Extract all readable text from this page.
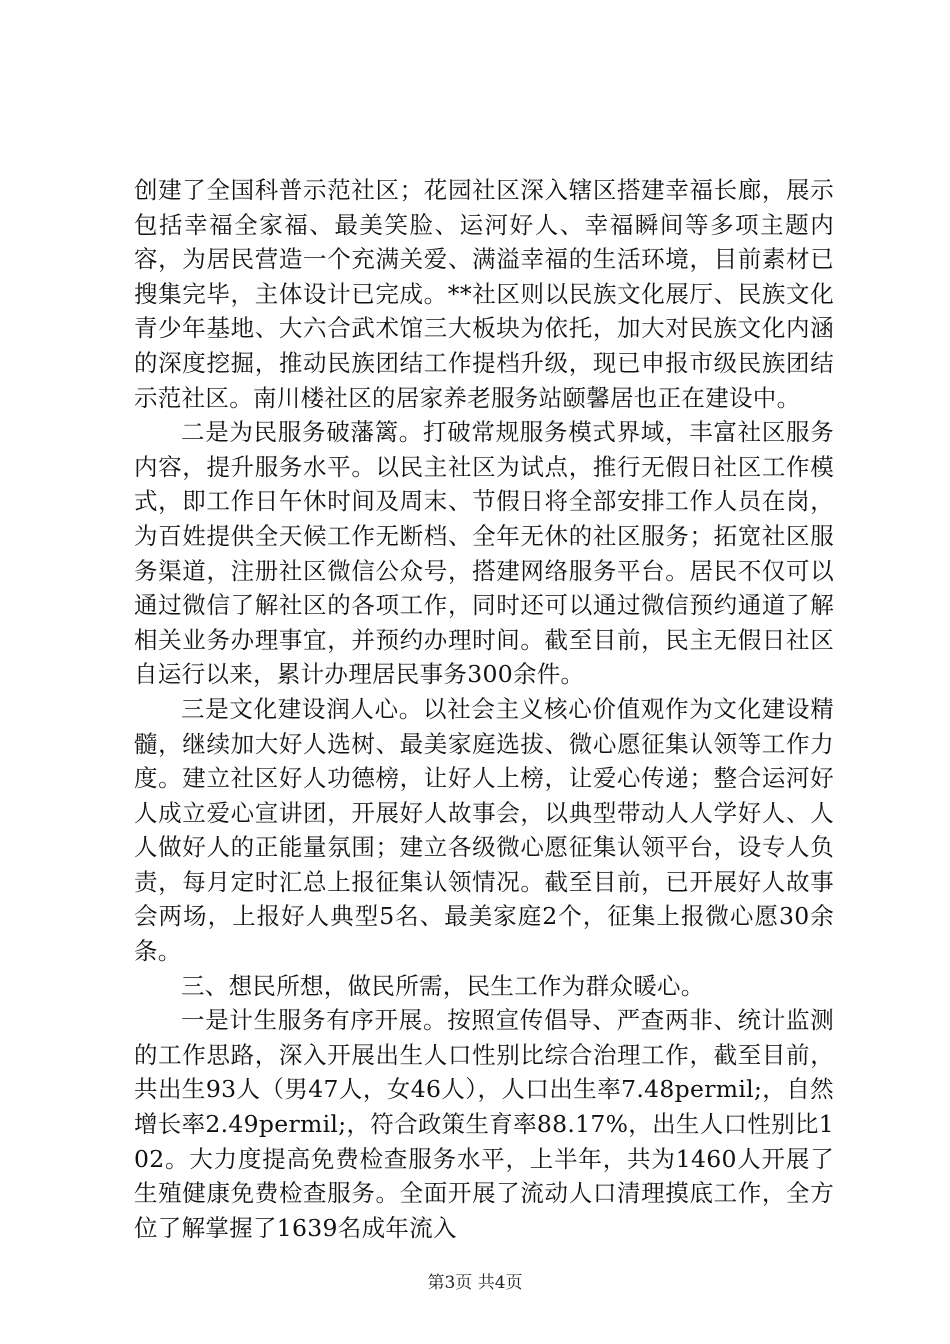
创建了全国科普示范社区；花园社区深入辖区搭建幸福长廊，展示包括幸福全家福、最美笑脸、运河好人、幸福瞬间等多项主题内容，为居民营造一个充满关爱、满溢幸福的生活环境，目前素材已搜集完毕，主体设计已完成。**社区则以民族文化展厅、民族文化青少年基地、大六合武术馆三大板块为依托，加大对民族文化内涵的深度挖掘，推动民族团结工作提档升级，现已申报市级民族团结示范社区。南川楼社区的居家养老服务站颐馨居也正在建设中。

二是为民服务破藩篱。打破常规服务模式界域，丰富社区服务内容，提升服务水平。以民主社区为试点，推行无假日社区工作模式，即工作日午休时间及周末、节假日将全部安排工作人员在岗，为百姓提供全天候工作无断档、全年无休的社区服务；拓宽社区服务渠道，注册社区微信公众号，搭建网络服务平台。居民不仅可以通过微信了解社区的各项工作，同时还可以通过微信预约通道了解相关业务办理事宜，并预约办理时间。截至目前，民主无假日社区自运行以来，累计办理居民事务300余件。

三是文化建设润人心。以社会主义核心价值观作为文化建设精髓，继续加大好人选树、最美家庭选拔、微心愿征集认领等工作力度。建立社区好人功德榜，让好人上榜，让爱心传递；整合运河好人成立爱心宣讲团，开展好人故事会，以典型带动人人学好人、人人做好人的正能量氛围；建立各级微心愿征集认领平台，设专人负责，每月定时汇总上报征集认领情况。截至目前，已开展好人故事会两场，上报好人典型5名、最美家庭2个，征集上报微心愿30余条。

三、想民所想，做民所需，民生工作为群众暖心。

一是计生服务有序开展。按照宣传倡导、严查两非、统计监测的工作思路，深入开展出生人口性别比综合治理工作，截至目前，共出生93人（男47人，女46人），人口出生率7.48permil;，自然增长率2.49permil;，符合政策生育率88.17%，出生人口性别比102。大力度提高免费检查服务水平，上半年，共为1460人开展了生殖健康免费检查服务。全面开展了流动人口清理摸底工作，全方位了解掌握了1639名成年流入

第3页 共4页
